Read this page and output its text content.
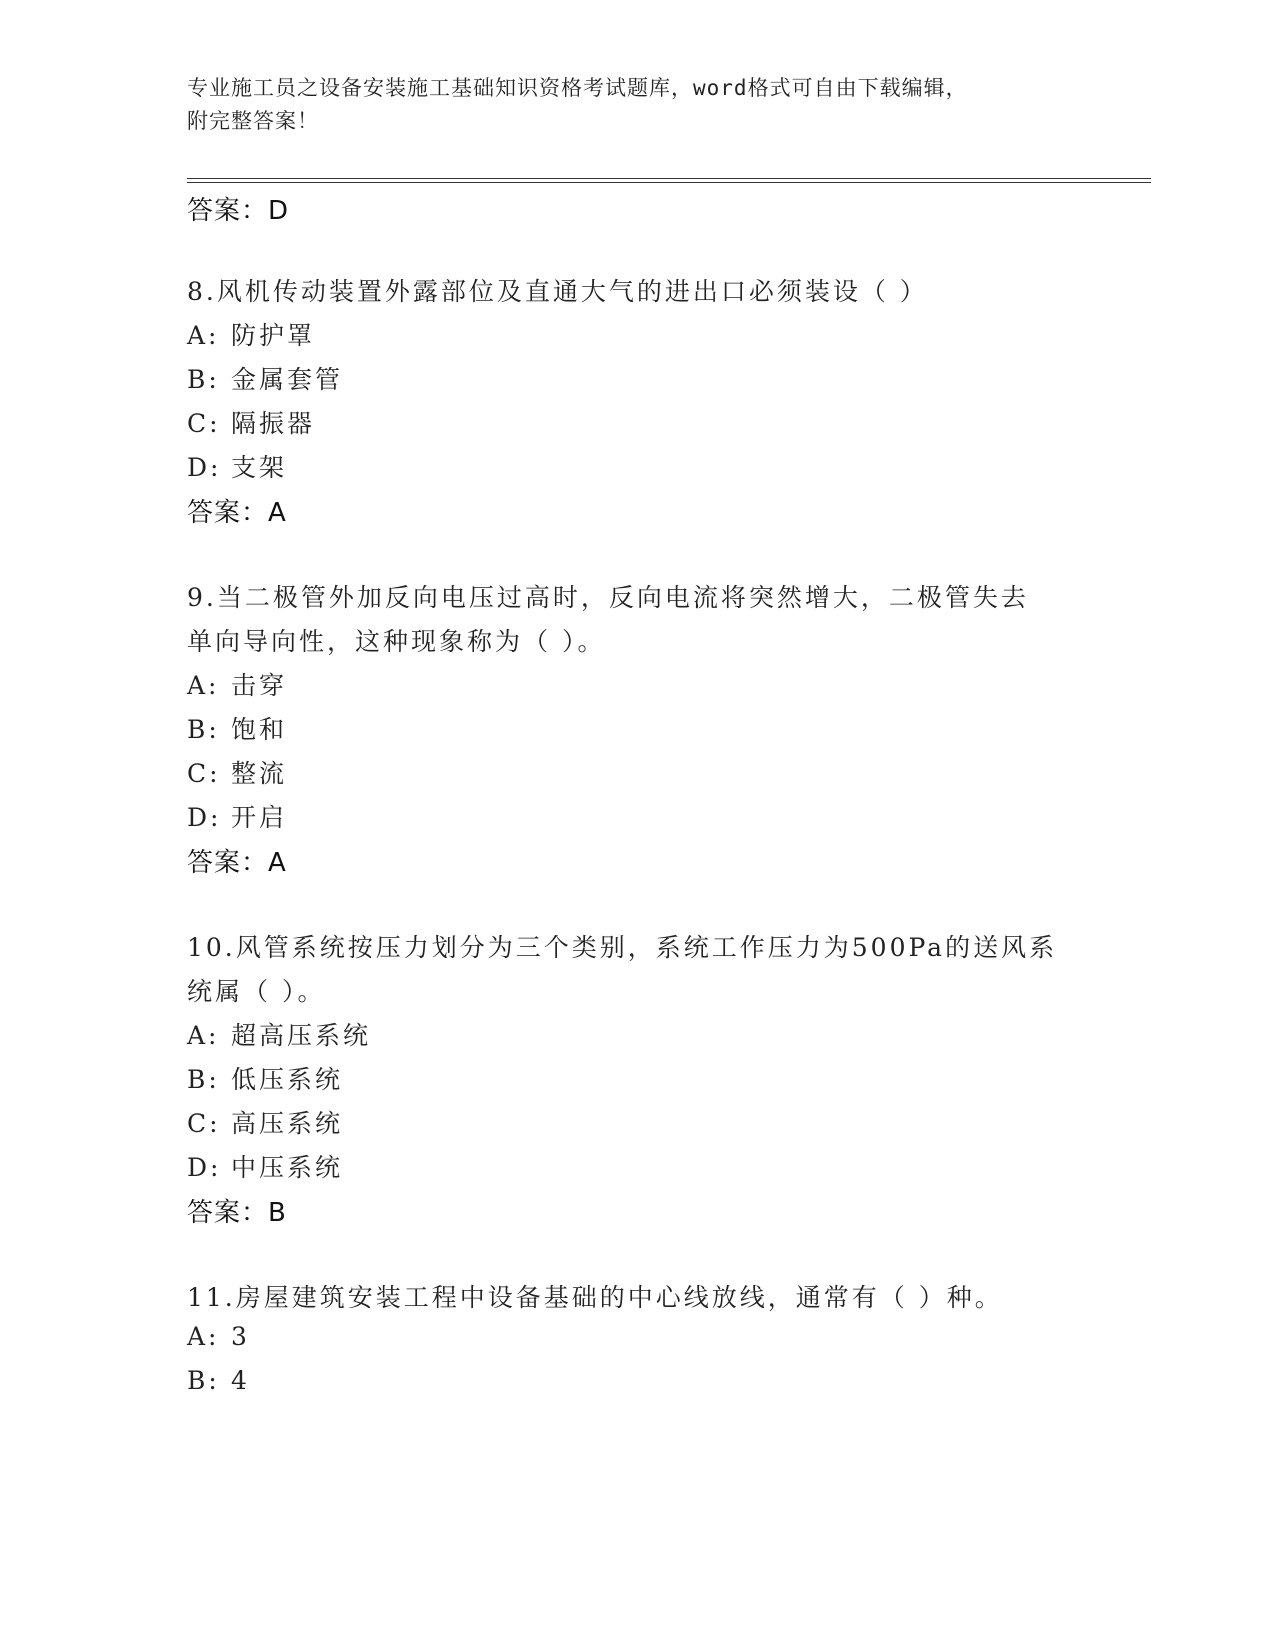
专业施工员之设备安装施工基础知识资格考试题库，word格式可自由下载编辑，
附完整答案！
答案：D
8.风机传动装置外露部位及直通大气的进出口必须装设（ ）
A: 防护罩
B: 金属套管
C: 隔振器
D: 支架
答案：A
9.当二极管外加反向电压过高时，反向电流将突然增大，二极管失去
单向导向性，这种现象称为（ ）。
A: 击穿
B: 饱和
C: 整流
D: 开启
答案：A
10.风管系统按压力划分为三个类别，系统工作压力为500Pa的送风系
统属（ ）。
A: 超高压系统
B: 低压系统
C: 高压系统
D: 中压系统
答案：B
11.房屋建筑安装工程中设备基础的中心线放线，通常有（ ）种。
A: 3
B: 4
